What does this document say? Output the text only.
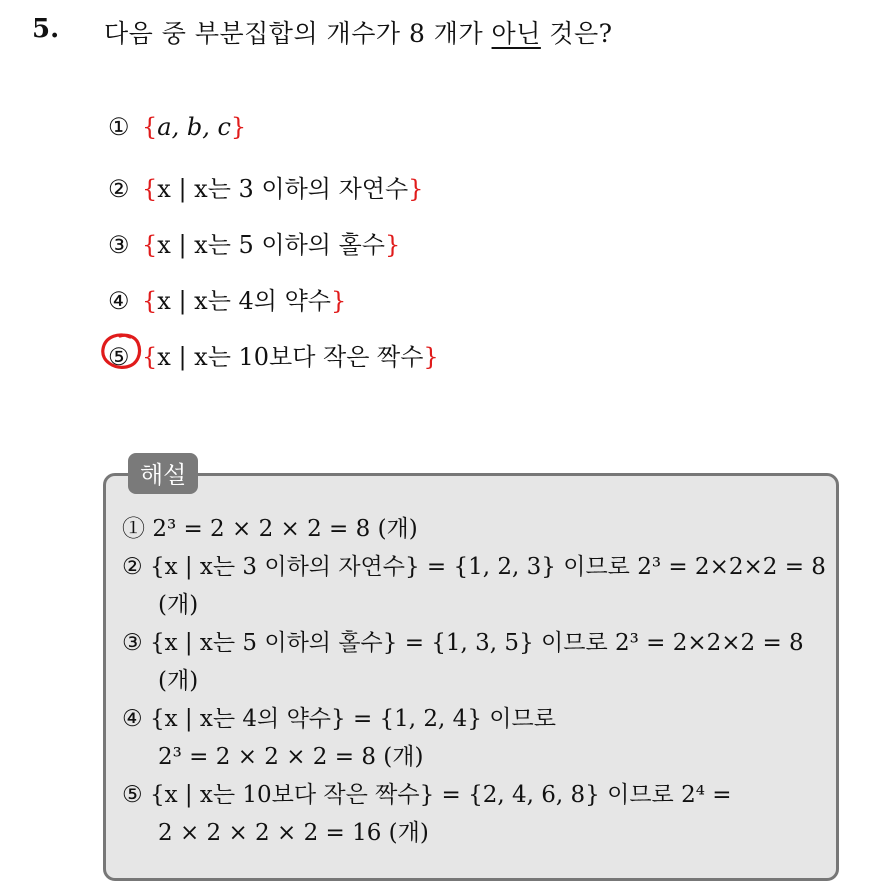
5. 다음 중 부분집합의 개수가 8 개가 아닌 것은?
① {a, b, c}
② {x | x는 3 이하의 자연수}
③ {x | x는 5 이하의 홀수}
④ {x | x는 4의 약수}
⑤ {x | x는 10보다 작은 짝수}
해설
① 2³ = 2 × 2 × 2 = 8 (개)
② {x | x는 3 이하의 자연수} = {1, 2, 3} 이므로 2³ = 2×2×2 = 8
(개)
③ {x | x는 5 이하의 홀수} = {1, 3, 5} 이므로 2³ = 2×2×2 = 8
(개)
④ {x | x는 4의 약수} = {1, 2, 4} 이므로
2³ = 2 × 2 × 2 = 8 (개)
⑤ {x | x는 10보다 작은 짝수} = {2, 4, 6, 8} 이므로 2⁴ =
2 × 2 × 2 × 2 = 16 (개)
